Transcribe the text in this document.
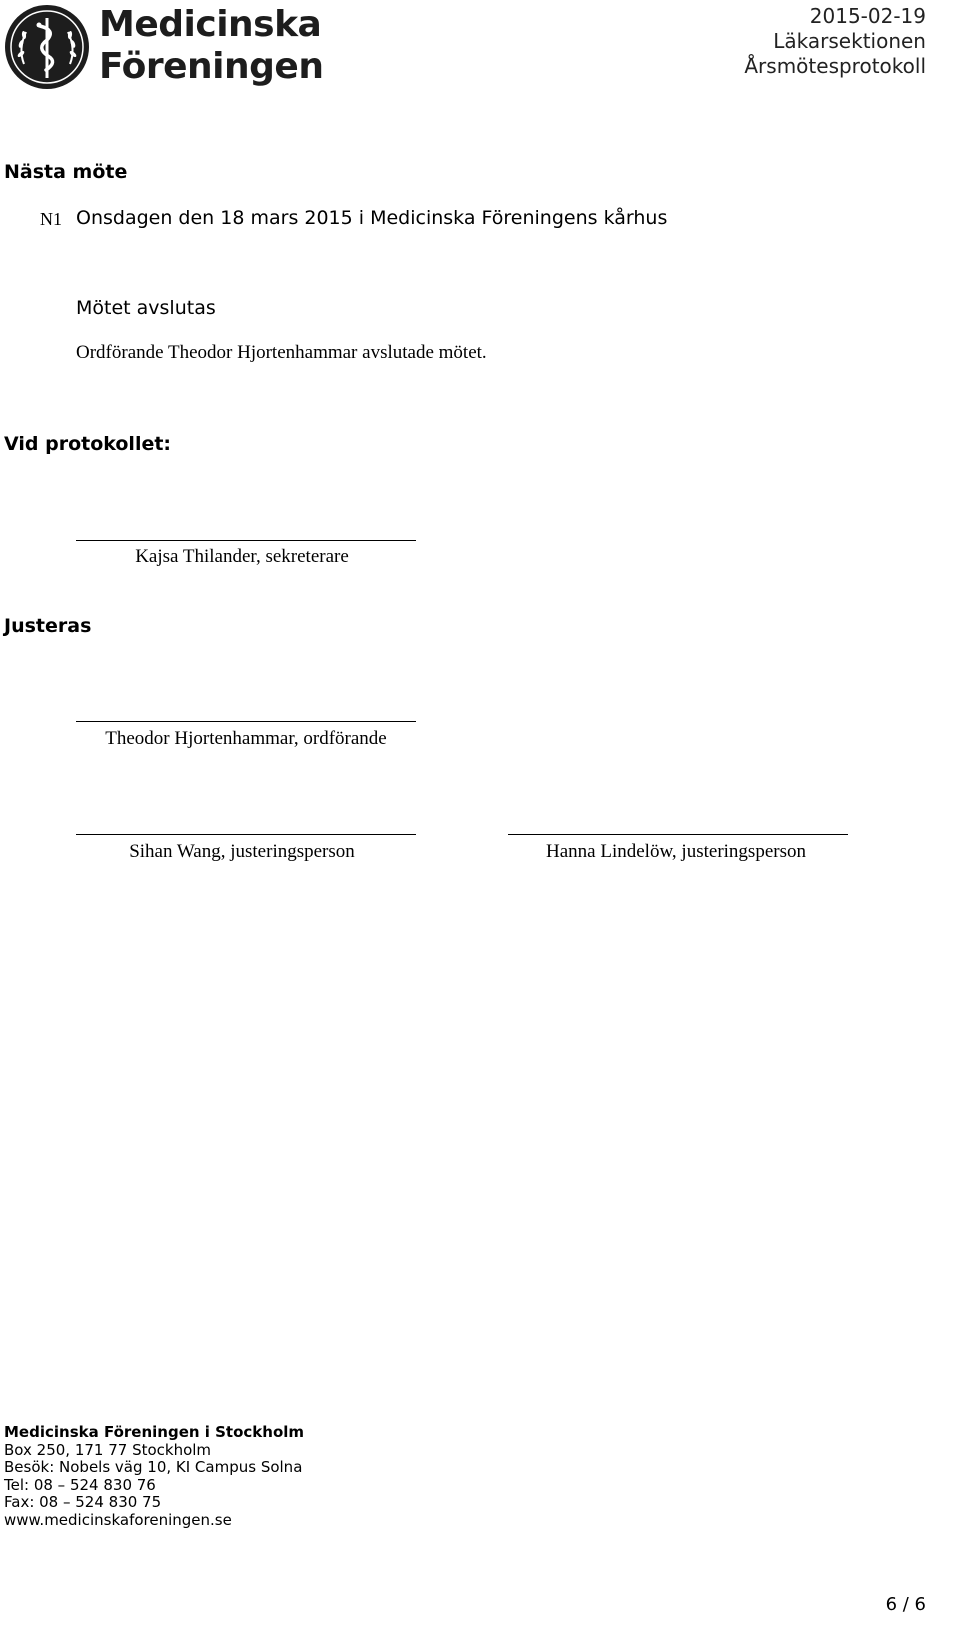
Medicinska
Föreningen
2015-02-19
Läkarsektionen
Årsmötesprotokoll
Nästa möte
N1 Onsdagen den 18 mars 2015 i Medicinska Föreningens kårhus
Mötet avslutas
Ordförande Theodor Hjortenhammar avslutade mötet.
Vid protokollet:
Kajsa Thilander, sekreterare
Justeras
Theodor Hjortenhammar, ordförande
Sihan Wang, justeringsperson	Hanna Lindelöw, justeringsperson
Medicinska Föreningen i Stockholm
Box 250, 171 77 Stockholm
Besök: Nobels väg 10, KI Campus Solna
Tel: 08 – 524 830 76
Fax: 08 – 524 830 75
www.medicinskaforeningen.se
6 / 6
